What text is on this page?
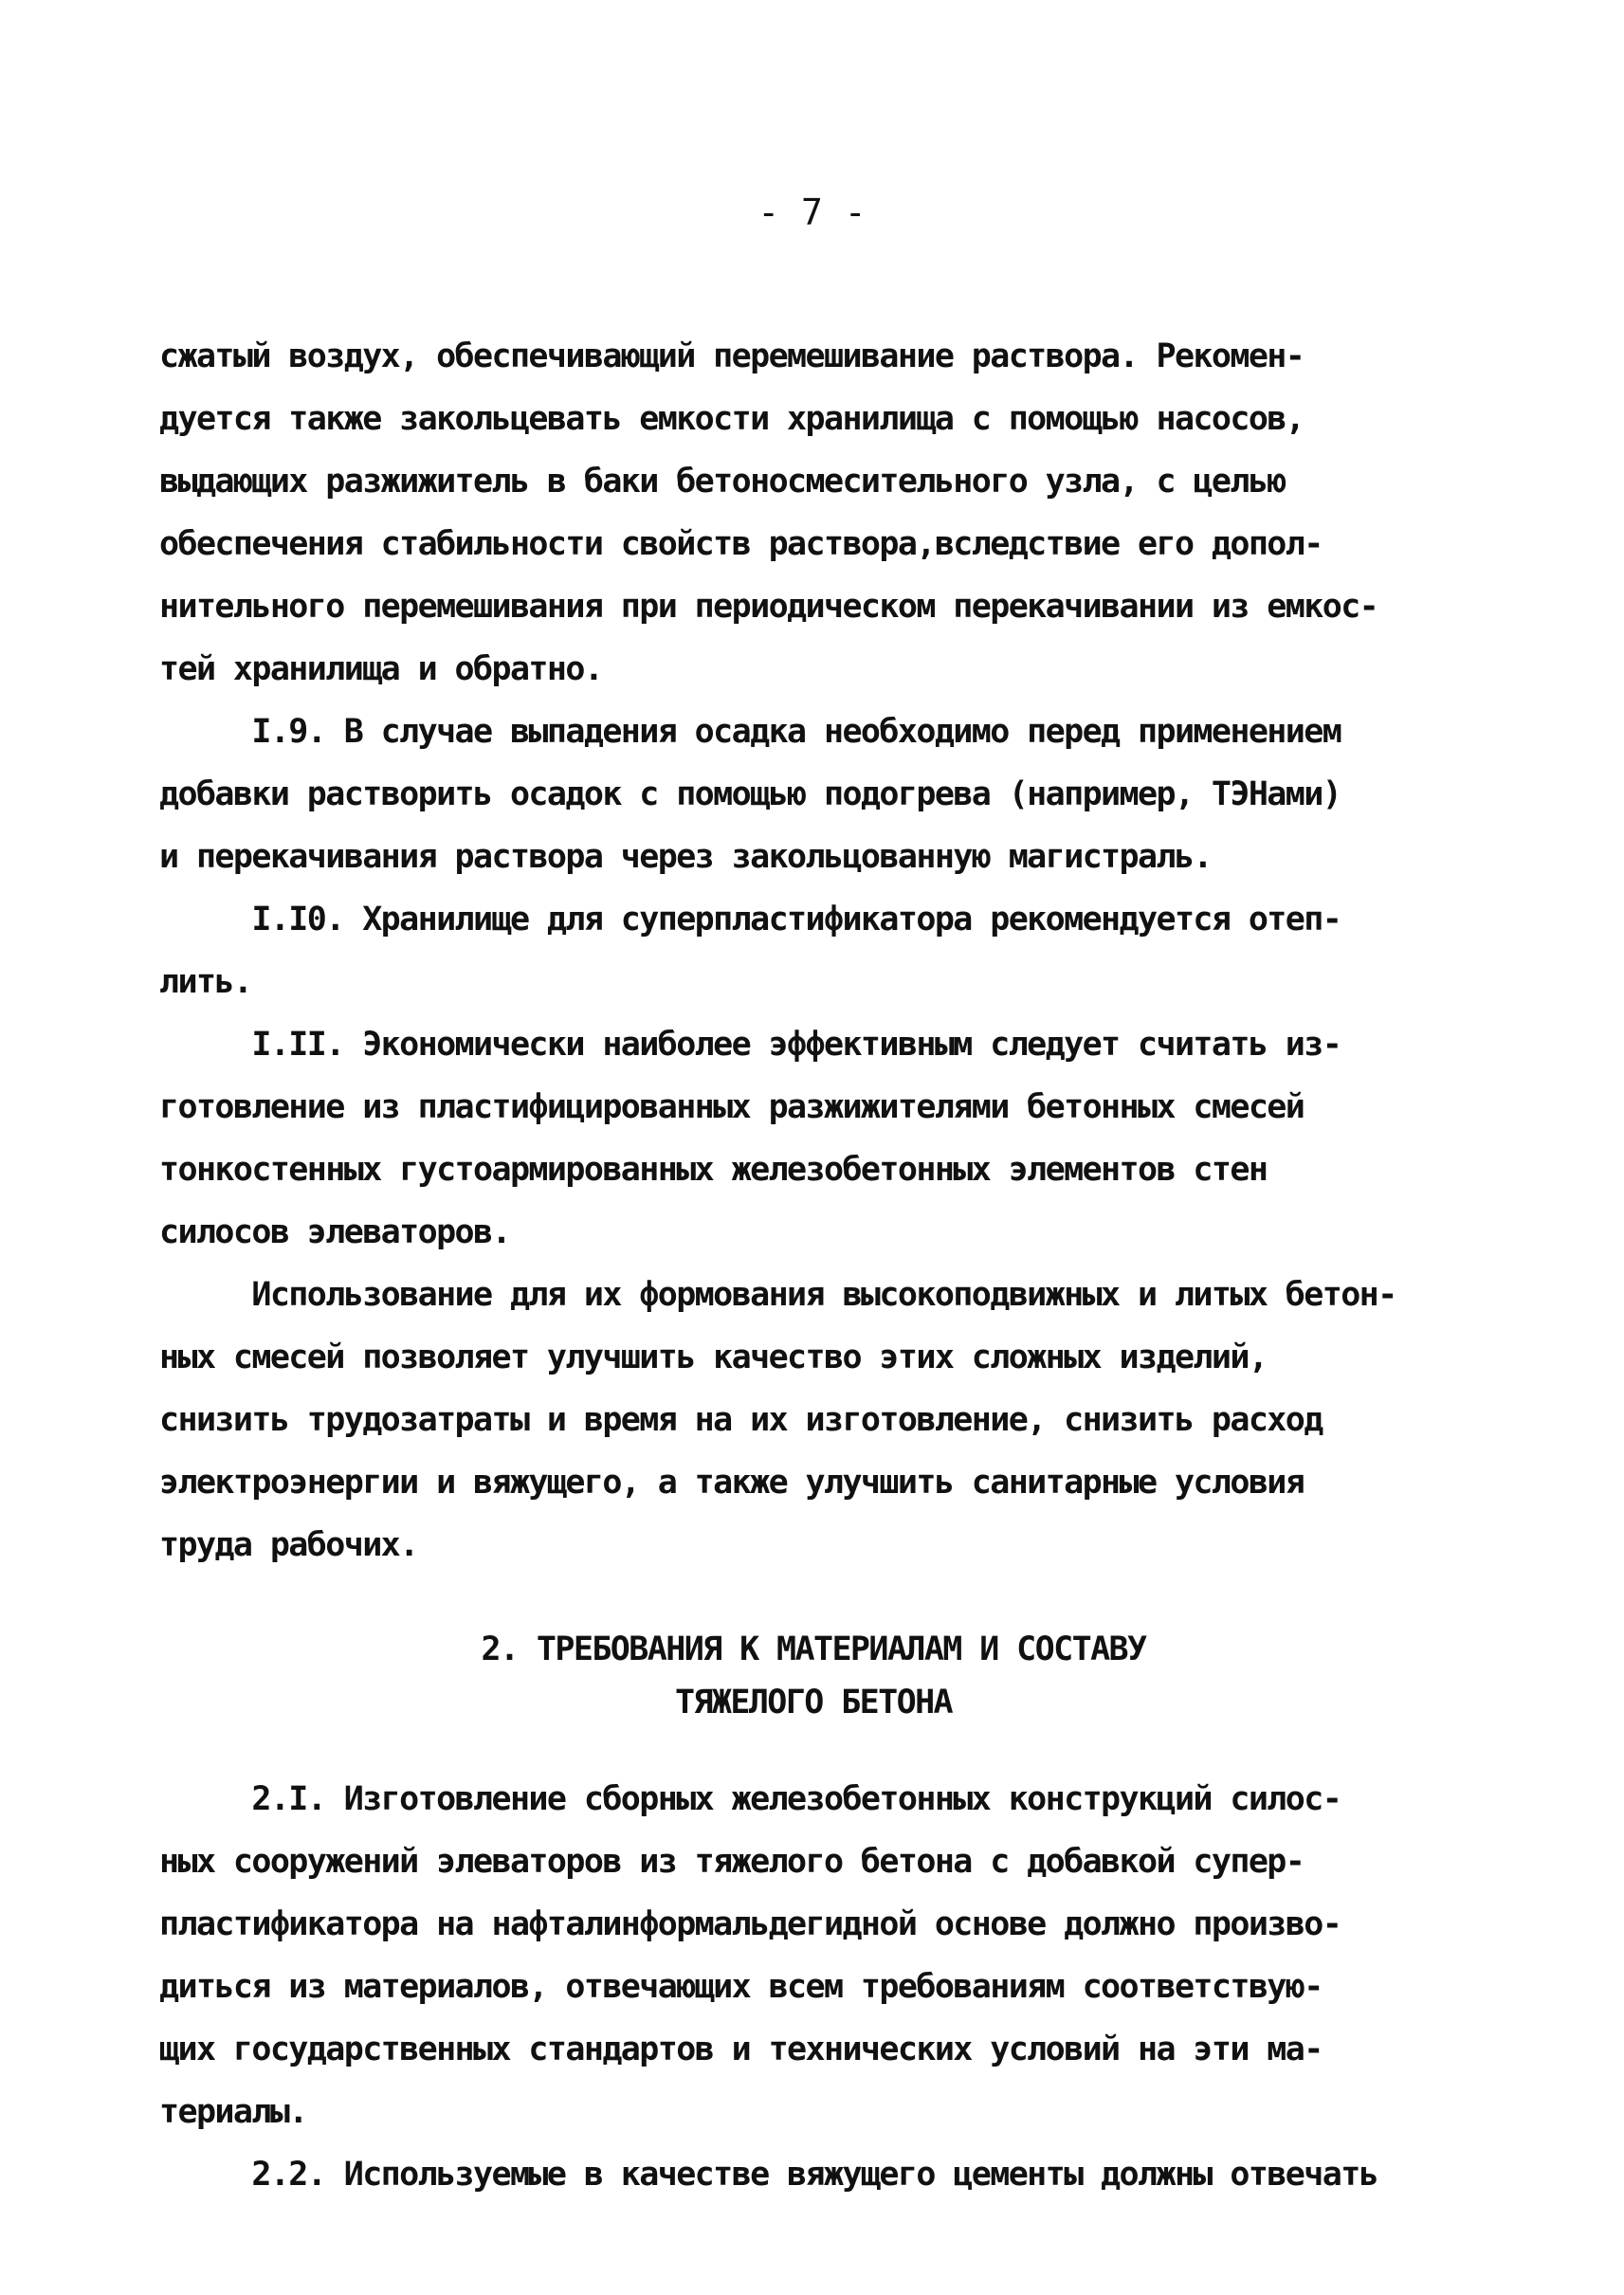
- 7 -
сжатый воздух, обеспечивающий перемешивание раствора. Рекомен-
дуется также закольцевать емкости хранилища с помощью насосов,
выдающих разжижитель в баки бетоносмесительного узла, с целью
обеспечения стабильности свойств раствора,вследствие его допол-
нительного перемешивания при периодическом перекачивании из емкос-
тей хранилища и обратно.
I.9. В случае выпадения осадка необходимо перед применением
добавки растворить осадок с помощью подогрева (например, ТЭНами)
и перекачивания раствора через закольцованную магистраль.
I.I0. Хранилище для суперпластификатора рекомендуется отеп-
лить.
I.II. Экономически наиболее эффективным следует считать из-
готовление из пластифицированных разжижителями бетонных смесей
тонкостенных густоармированных железобетонных элементов стен
силосов элеваторов.
Использование для их формования высокоподвижных и литых бетон-
ных смесей позволяет улучшить качество этих сложных изделий,
снизить трудозатраты и время на их изготовление, снизить расход
электроэнергии и вяжущего, а также улучшить санитарные условия
труда рабочих.
2. ТРЕБОВАНИЯ К МАТЕРИАЛАМ И СОСТАВУ
ТЯЖЕЛОГО БЕТОНА
2.I. Изготовление сборных железобетонных конструкций силос-
ных сооружений элеваторов из тяжелого бетона с добавкой супер-
пластификатора на нафталинформальдегидной основе должно произво-
диться из материалов, отвечающих всем требованиям соответствую-
щих государственных стандартов и технических условий на эти ма-
териалы.
2.2. Используемые в качестве вяжущего цементы должны отвечать
